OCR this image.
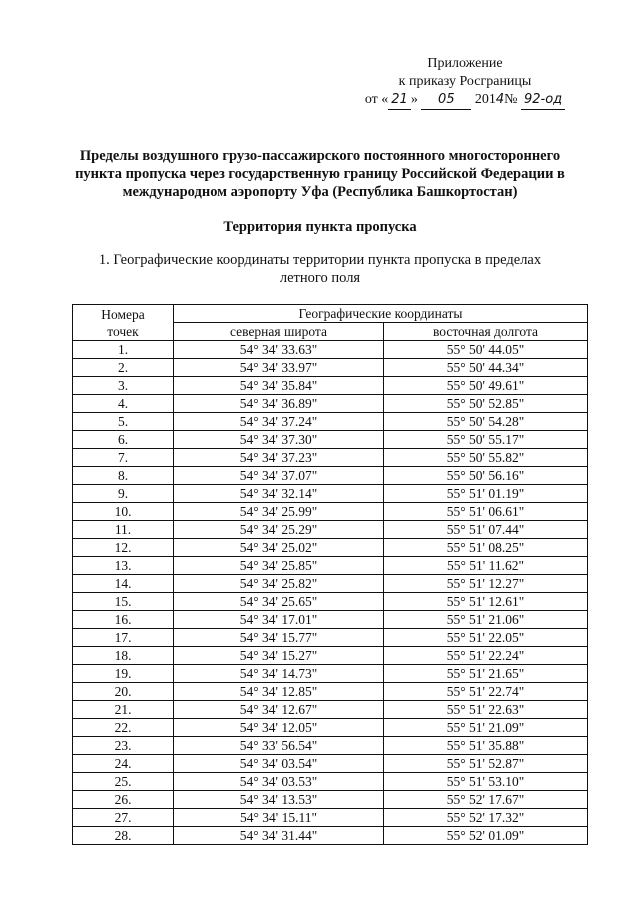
Приложение
к приказу Росграницы
от « 21 » 05 2014№ 92-од
Пределы воздушного грузо-пассажирского постоянного многостороннего пункта пропуска через государственную границу Российской Федерации в международном аэропорту Уфа (Республика Башкортостан)
Территория пункта пропуска
1. Географические координаты территории пункта пропуска в пределах летного поля
Номера
точек	Географические координаты	
	северная широта	восточная долгота
1.	54° 34' 33.63"	55° 50' 44.05"
2.	54° 34' 33.97"	55° 50' 44.34"
3.	54° 34' 35.84"	55° 50' 49.61"
4.	54° 34' 36.89"	55° 50' 52.85"
5.	54° 34' 37.24"	55° 50' 54.28"
6.	54° 34' 37.30"	55° 50' 55.17"
7.	54° 34' 37.23"	55° 50' 55.82"
8.	54° 34' 37.07"	55° 50' 56.16"
9.	54° 34' 32.14"	55° 51' 01.19"
10.	54° 34' 25.99"	55° 51' 06.61"
11.	54° 34' 25.29"	55° 51' 07.44"
12.	54° 34' 25.02"	55° 51' 08.25"
13.	54° 34' 25.85"	55° 51' 11.62"
14.	54° 34' 25.82"	55° 51' 12.27"
15.	54° 34' 25.65"	55° 51' 12.61"
16.	54° 34' 17.01"	55° 51' 21.06"
17.	54° 34' 15.77"	55° 51' 22.05"
18.	54° 34' 15.27"	55° 51' 22.24"
19.	54° 34' 14.73"	55° 51' 21.65"
20.	54° 34' 12.85"	55° 51' 22.74"
21.	54° 34' 12.67"	55° 51' 22.63"
22.	54° 34' 12.05"	55° 51' 21.09"
23.	54° 33' 56.54"	55° 51' 35.88"
24.	54° 34' 03.54"	55° 51' 52.87"
25.	54° 34' 03.53"	55° 51' 53.10"
26.	54° 34' 13.53"	55° 52' 17.67"
27.	54° 34' 15.11"	55° 52' 17.32"
28.	54° 34' 31.44"	55° 52' 01.09"
